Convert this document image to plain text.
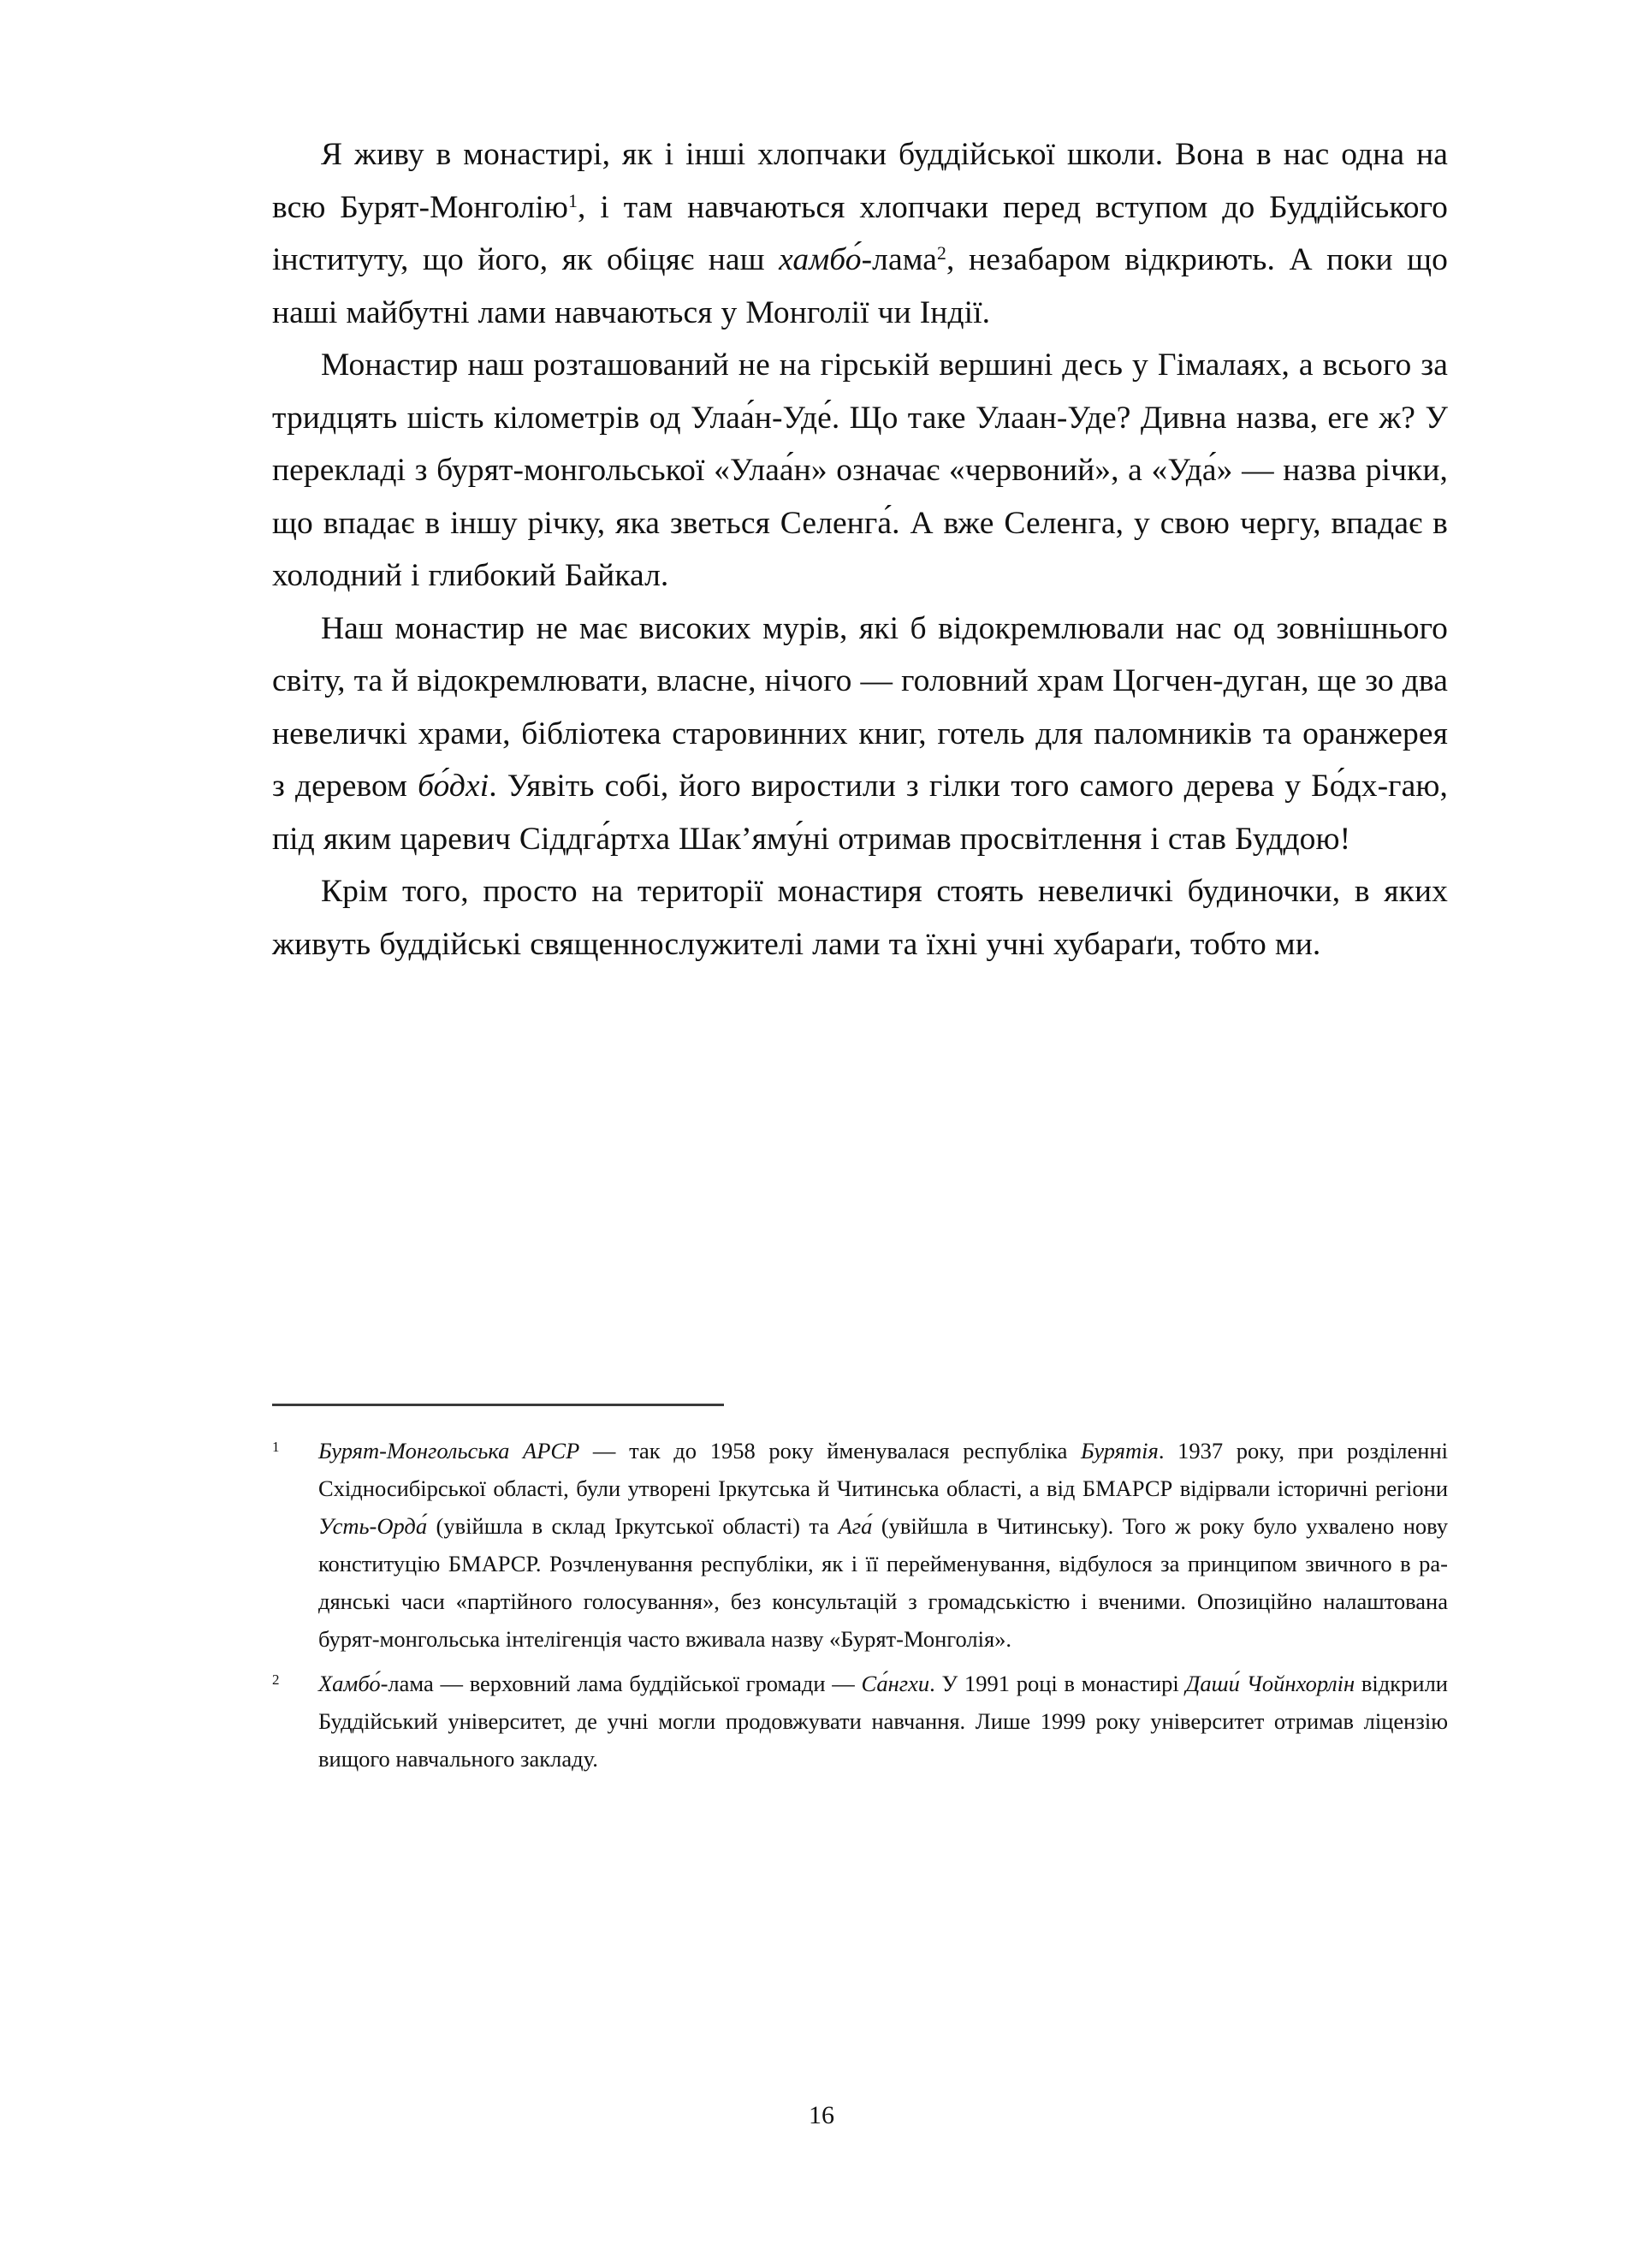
Я живу в монастирі, як і інші хлопчаки буддійської школи. Вона в нас одна на всю Бурят-Монголію$^1$, і там навчаються хлопчаки перед вступом до Буддійського інституту, що його, як обіцяє наш хамбо́-лама$^2$, незабаром відкриють. А поки що наші майбутні лами навчаються у Монголії чи Індії.

Монастир наш розташований не на гірській вершині десь у Гімалаях, а всього за тридцять шість кілометрів од Улаа́н-Уде́. Що таке Улаан-Уде? Дивна назва, еге ж? У перекладі з бурят-монгольської «Улаа́н» означає «червоний», а «Уда́» — назва річки, що впадає в іншу річку, яка зветься Селенга́. А вже Селенга, у свою чергу, впадає в холодний і глибокий Байкал.

Наш монастир не має високих мурів, які б відокремлювали нас од зовнішнього світу, та й відокремлювати, власне, нічого — головний храм Цогчен-дуган, ще зо два невеличкі храми, бібліотека старовинних книг, готель для паломників та оранжерея з деревом бо́дхі. Уявіть собі, його виростили з гілки того самого дерева у Бо́дх-гаю, під яким царевич Сіддга́ртха Шак’яму́ні отримав просвітлення і став Буддою!

Крім того, просто на території монастиря стоять невеличкі будиночки, в яких живуть буддійські священнослужителі лами та їхні учні хубараґи, тобто ми.

1	Бурят-Монгольська АРСР — так до 1958 року йменувалася республіка Бурятія. 1937 року, при розділенні Східносибірської області, були утворені Іркутська й Читинська області, а від БМАРСР відірвали історичні регіони Усть-Орда́ (увійшла в склад Іркутської області) та Ага́ (увійшла в Читинську). Того ж року було ухвалено нову конституцію БМАРСР. Розчленування республіки, як і її перейменування, відбулося за принципом звичного в радянські часи «партійного голосування», без консультацій з громадськістю і вченими. Опозиційно налаштована бурят-монгольська інтелігенція часто вживала назву «Бурят-Монголія».
2	Хамбо́-лама — верховний лама буддійської громади — Са́нгхи. У 1991 році в монастирі Даши́ Чойнхорлін відкрили Буддійський університет, де учні могли продовжувати навчання. Лише 1999 року університет отримав ліцензію вищого навчального закладу.
16
